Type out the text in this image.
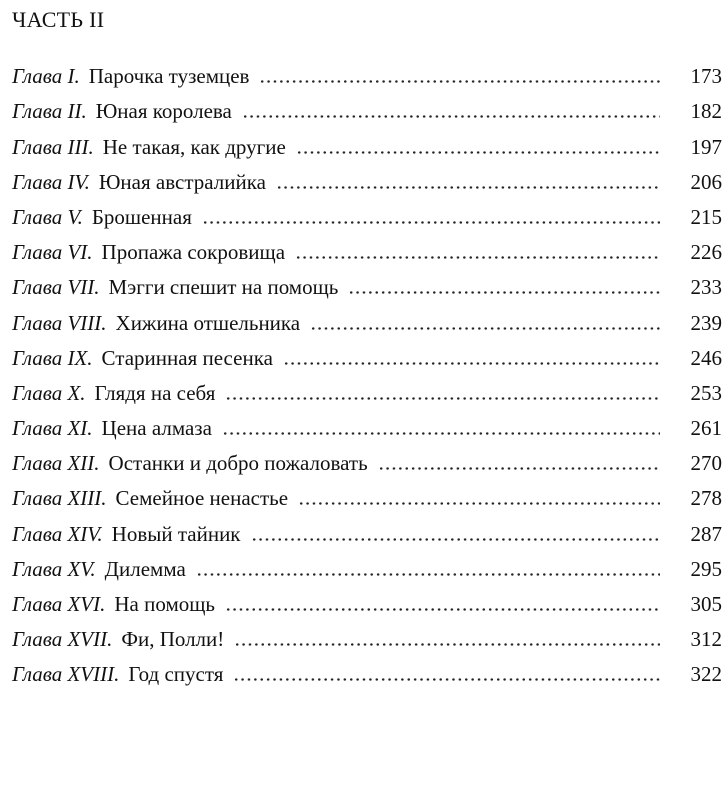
ЧАСТЬ II
Глава I. Парочка туземцев	173
Глава II. Юная королева	182
Глава III. Не такая, как другие	197
Глава IV. Юная австралийка	206
Глава V. Брошенная	215
Глава VI. Пропажа сокровища	226
Глава VII. Мэгги спешит на помощь	233
Глава VIII. Хижина отшельника	239
Глава IX. Старинная песенка	246
Глава X. Глядя на себя	253
Глава XI. Цена алмаза	261
Глава XII. Останки и добро пожаловать	270
Глава XIII. Семейное ненастье	278
Глава XIV. Новый тайник	287
Глава XV. Дилемма	295
Глава XVI. На помощь	305
Глава XVII. Фи, Полли!	312
Глава XVIII. Год спустя	322
